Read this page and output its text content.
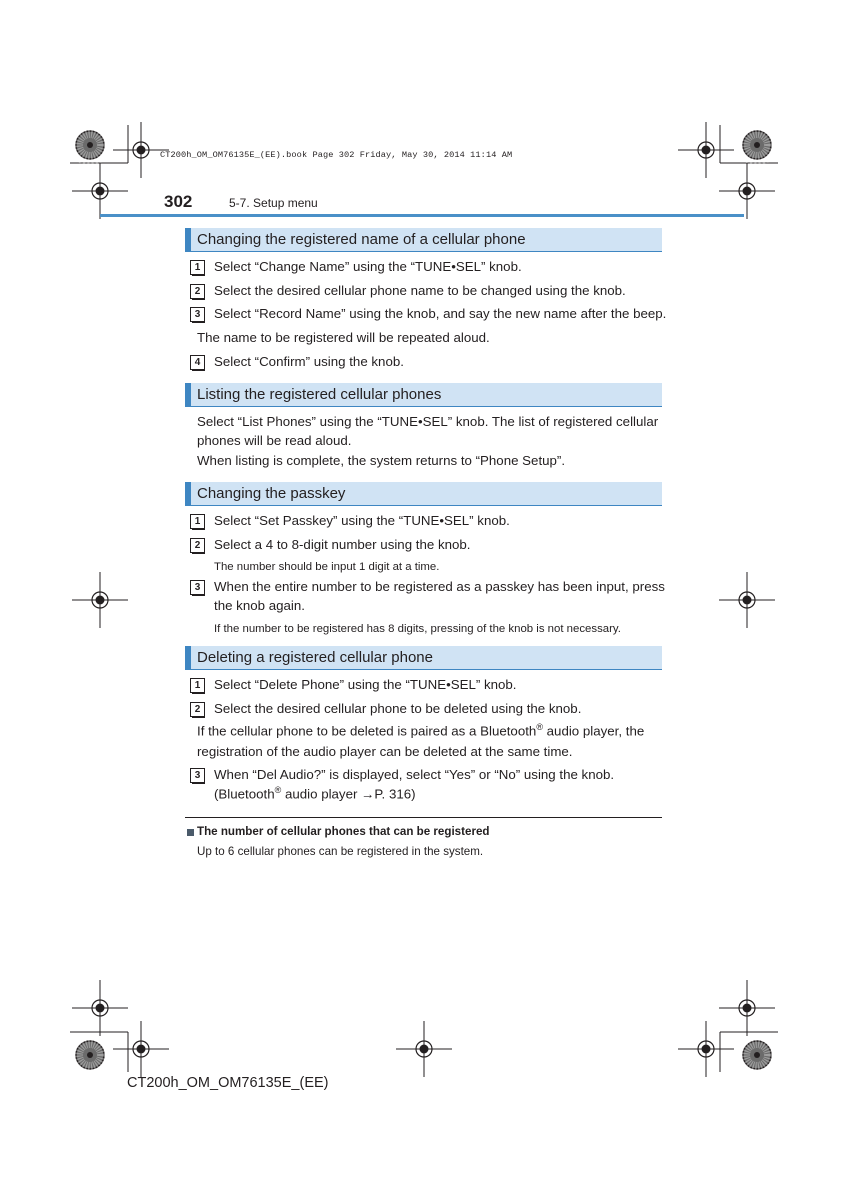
CT200h_OM_OM76135E_(EE).book Page 302 Friday, May 30, 2014 11:14 AM
302	5-7. Setup menu
Changing the registered name of a cellular phone
1	Select “Change Name” using the “TUNE•SEL” knob.
2	Select the desired cellular phone name to be changed using the knob.
3	Select “Record Name” using the knob, and say the new name after the beep.
The name to be registered will be repeated aloud.
4	Select “Confirm” using the knob.
Listing the registered cellular phones
Select “List Phones” using the “TUNE•SEL” knob. The list of registered cellular
phones will be read aloud.
When listing is complete, the system returns to “Phone Setup”.
Changing the passkey
1	Select “Set Passkey” using the “TUNE•SEL” knob.
2	Select a 4 to 8-digit number using the knob.
The number should be input 1 digit at a time.
3	When the entire number to be registered as a passkey has been input, press
the knob again.
If the number to be registered has 8 digits, pressing of the knob is not necessary.
Deleting a registered cellular phone
1	Select “Delete Phone” using the “TUNE•SEL” knob.
2	Select the desired cellular phone to be deleted using the knob.
If the cellular phone to be deleted is paired as a Bluetooth® audio player, the
registration of the audio player can be deleted at the same time.
3	When “Del Audio?” is displayed, select “Yes” or “No” using the knob.
(Bluetooth® audio player →P. 316)
The number of cellular phones that can be registered
Up to 6 cellular phones can be registered in the system.
CT200h_OM_OM76135E_(EE)
